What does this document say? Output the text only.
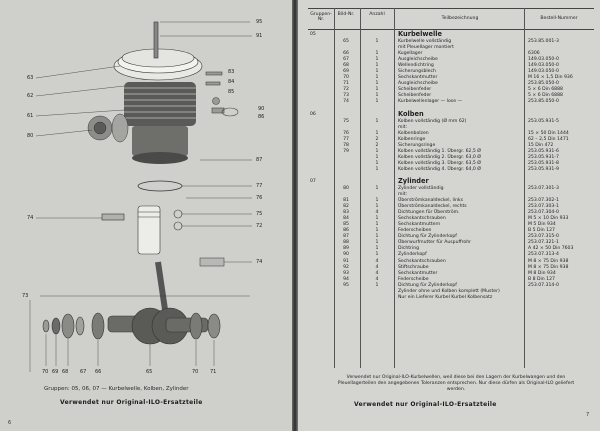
95
91
63
62
61
80
83
84
85
90
86
87
77
76
75
72
74
74
73
70 69 68 67 66	65	70 71
Gruppen: 05, 06, 07 — Kurbelwelle, Kolben, Zylinder
Verwendet nur Original-ILO-Ersatzteile
6
Gruppen-Nr.
Bild-Nr.	Anzahl
Teilbezeichnung	Bestell-Nummer
05	Kurbelwelle
65	1	Kurbelwelle vollständig	253.85.001-3
mit Pleuellager montiert
66	1	Kugellager	6306
67	1	Ausgleichscheibe	149.03.050-0
68	1	Wellendichtring	149.03.050-0
69	1	Sicherungsblech	149.03.050-0
70	1	Sechskantmutter	M 16 × 1,5 Din 936
71	1	Ausgleichscheibe	253.85.050-0
72	1	Scheibenfeder	5 × 6 Din 6888
73	1	Scheibenfeder	5 × 6 Din 6888
74	1	Kurbelwellenlager — lose —	253.85.050-0
06	Kolben
75	1	Kolben vollständig (Ø mm 62)	253.05.931-5
mit:
76	1	Kolbenbolzen	15 × 50 Din 1444
77	2	Kolbenringe	62 – 2,5 Din 1471
78	2	Sicherungsringe	15 Din 472
79	1	Kolben vollständig 1. Übergr. 62,5 Ø	253.05.931-6
1	Kolben vollständig 2. Übergr. 63,0 Ø	253.05.931-7
1	Kolben vollständig 3. Übergr. 63,5 Ø	253.05.931-8
1	Kolben vollständig 4. Übergr. 64,0 Ø	253.05.931-9
07	Zylinder
80	1	Zylinder vollständig	253.07.301-3
mit:
81	1	Überströmkanaldeckel, links	253.07.302-1
82	1	Überströmkanaldeckel, rechts	253.07.303-1
83	4	Dichtungen für Überström.	253.07.304-0
84	1	Sechskantschrauben	M 5 × 10 Din 933
85	1	Sechskantmuttern	M 5 Din 934
86	1	Federscheiben	B 5 Din 127
87	1	Dichtung für Zylinderkopf	253.07.315-0
88	1	Überwurfmutter für Auspuffrohr	253.07.321-1
89	1	Dichtring	A 42 × 50 Din 7603
90	1	Zylinderkopf	253.07.313-4
91	4	Sechskantschrauben	M 8 × 75 Din 938
92	4	Stiftschraube	M 8 × 75 Din 938
93	4	Sechskantmutter	M 8 Din 934
94	4	Federscheibe	B 8 Din 127
95	1	Dichtung für Zylinderkopf	253.07.314-0
Zylinder ohne und Kolben komplett (Muster)
Nur ein Lieferer Kurbel Kurbel Kolbensatz
Verwendet nur Original-ILO-Kurbelwellen, weil diese bei den Lagern der Kurbelwangen und den Pleuellagerteilen den angegebenen Toleranzen entsprechen. Nur diese dürfen als Original-ILO geliefert werden.
Verwendet nur Original-ILO-Ersatzteile
7
